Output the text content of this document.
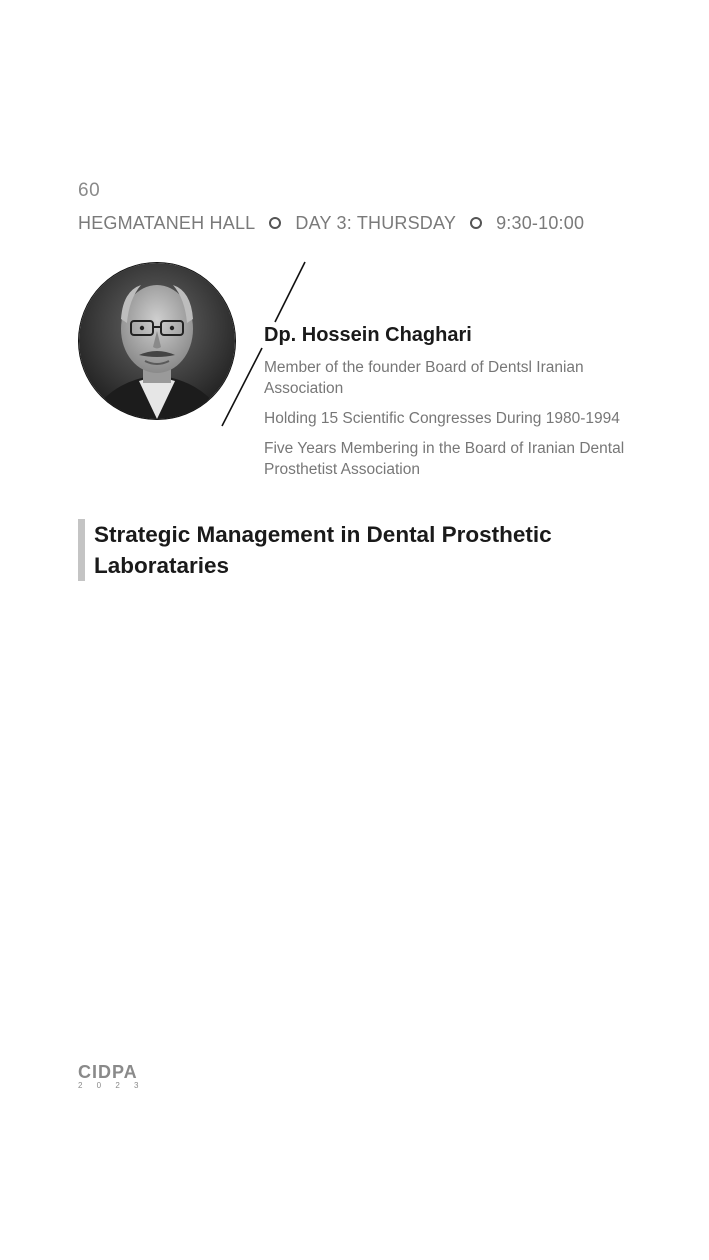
60
HEGMATANEH HALL DAY 3: THURSDAY 9:30-10:00
Dp. Hossein Chaghari

Member of the founder Board of Dentsl Iranian Association

Holding 15 Scientific Congresses During 1980-1994

Five Years Membering in the Board of Iranian Dental Prosthetist Association

Strategic Management in Dental Prosthetic Laborataries
CIDPA
2 0 2 3
